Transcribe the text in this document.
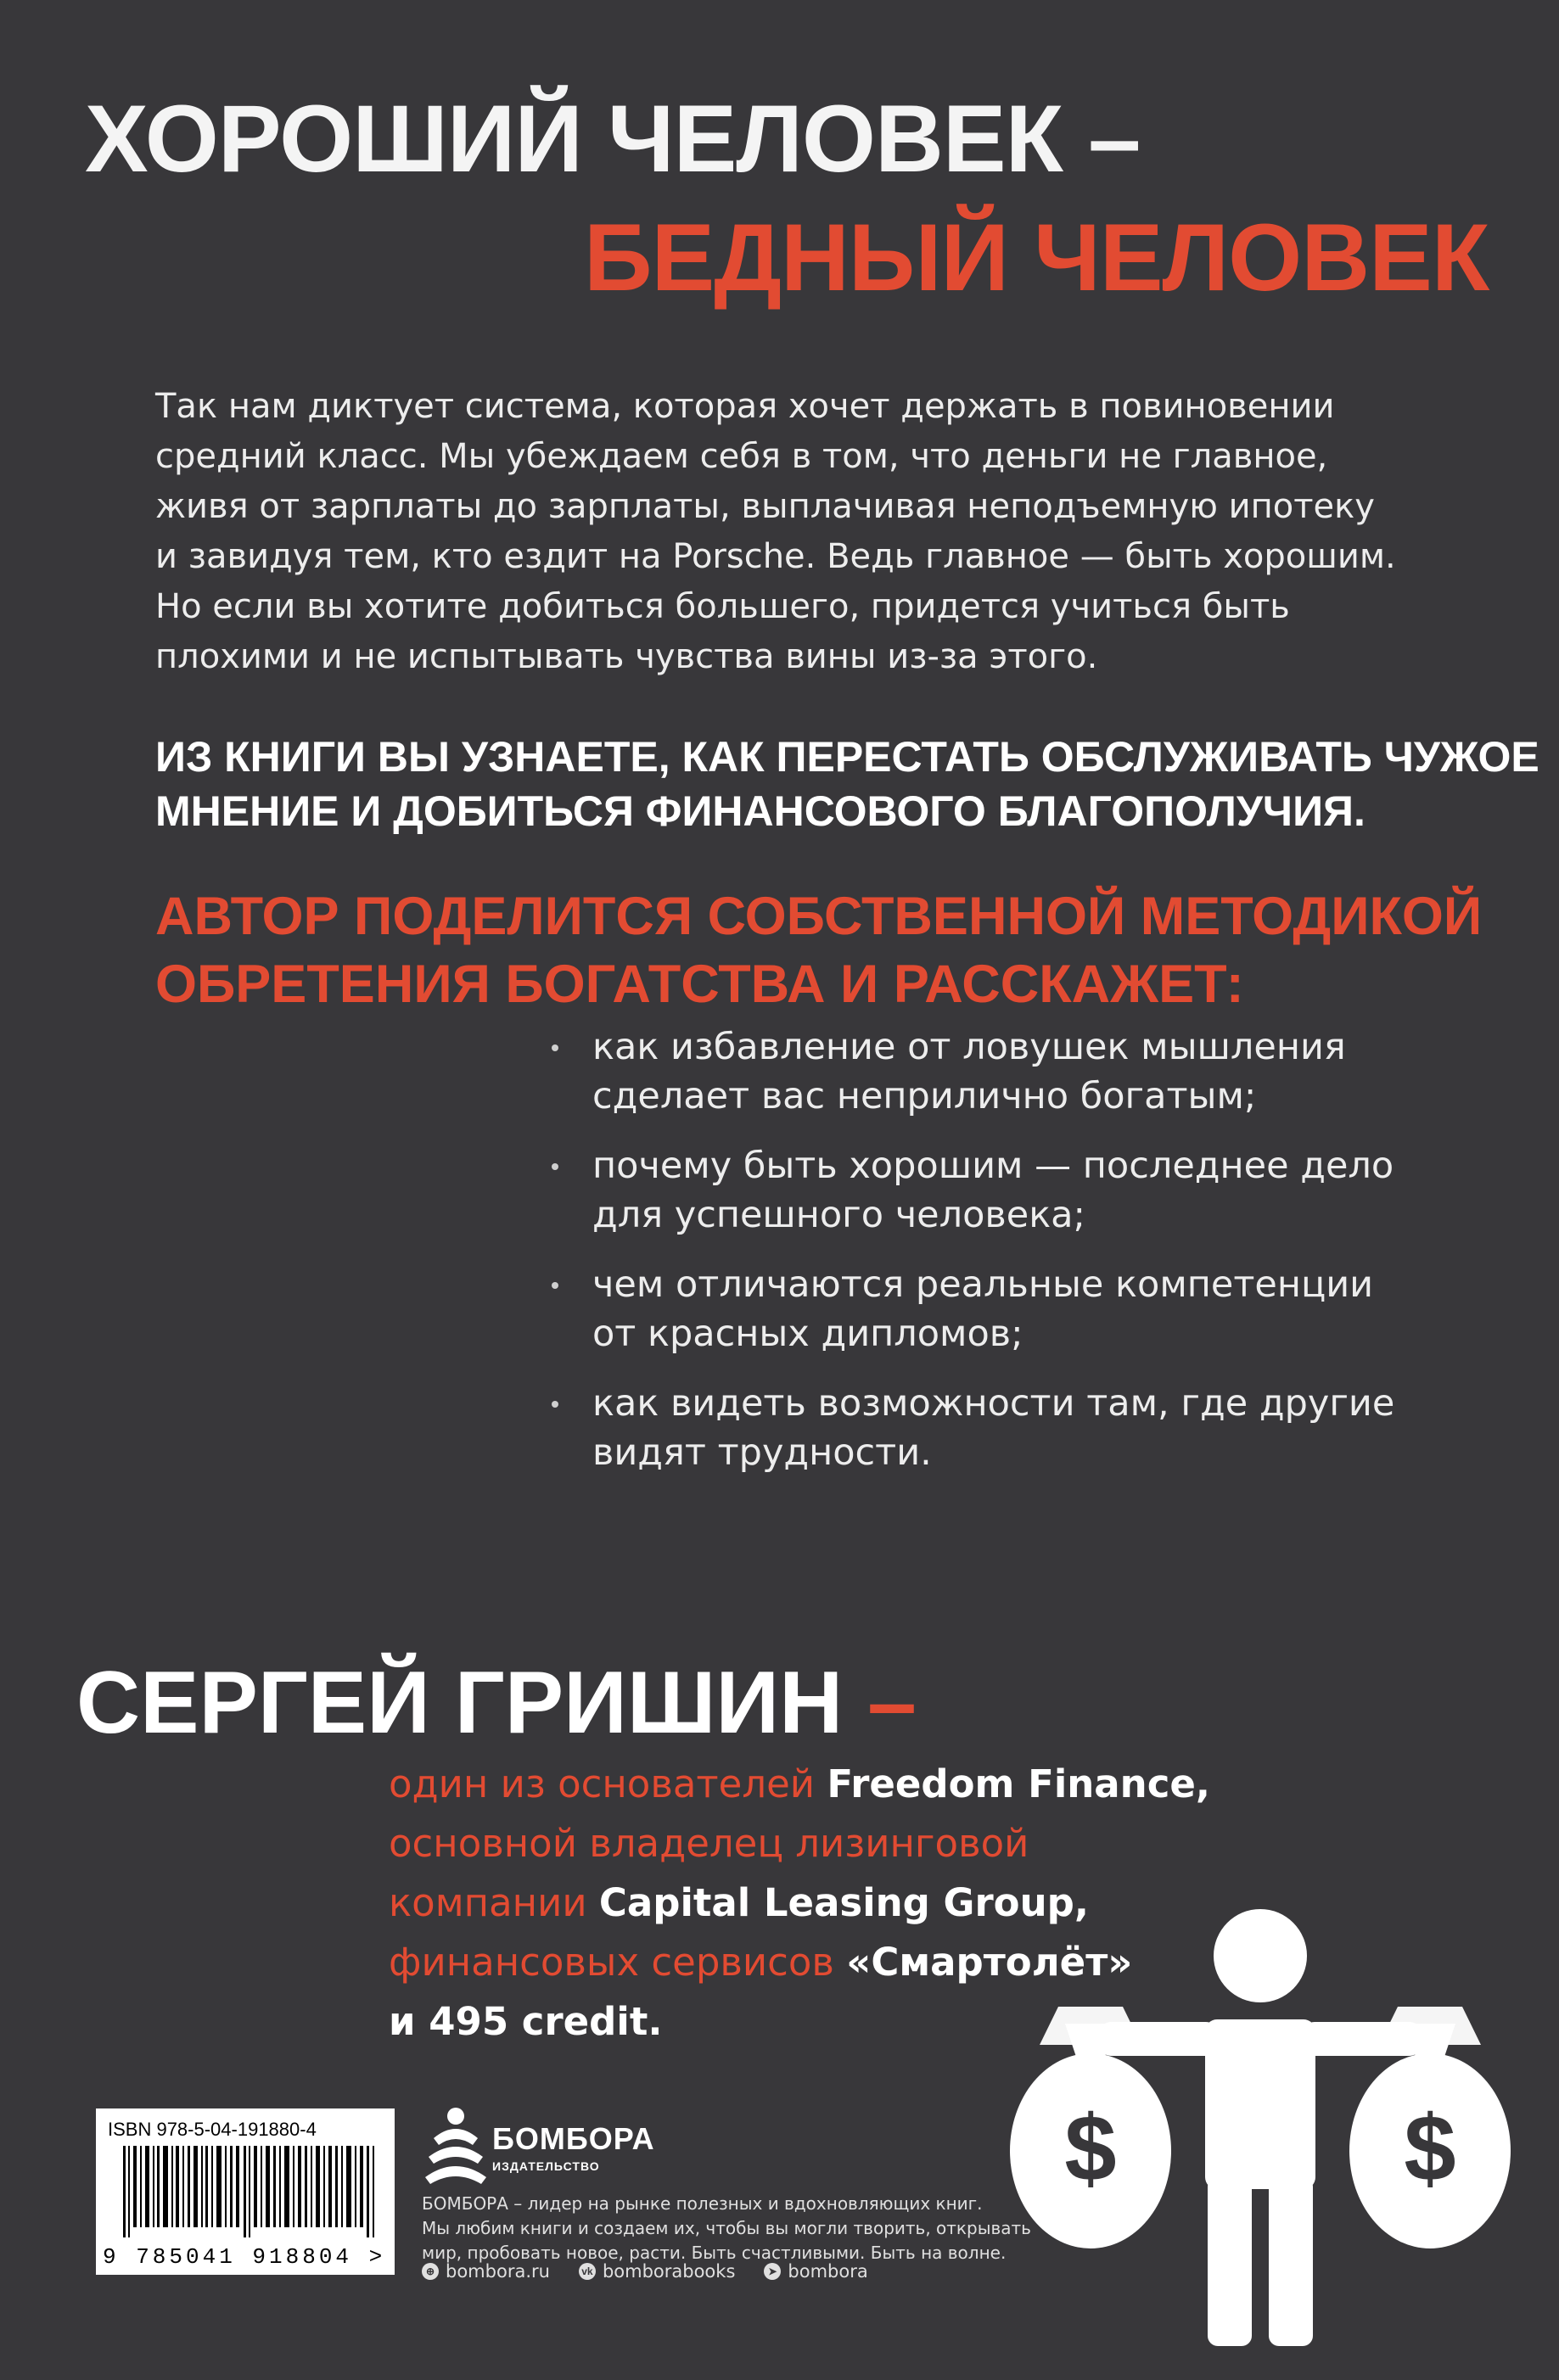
ХОРОШИЙ ЧЕЛОВЕК –
БЕДНЫЙ ЧЕЛОВЕК
Так нам диктует система, которая хочет держать в повиновении
средний класс. Мы убеждаем себя в том, что деньги не главное,
живя от зарплаты до зарплаты, выплачивая неподъемную ипотеку
и завидуя тем, кто ездит на Porsche. Ведь главное — быть хорошим.
Но если вы хотите добиться большего, придется учиться быть
плохими и не испытывать чувства вины из-за этого.
ИЗ КНИГИ ВЫ УЗНАЕТЕ, КАК ПЕРЕСТАТЬ ОБСЛУЖИВАТЬ ЧУЖОЕ
МНЕНИЕ И ДОБИТЬСЯ ФИНАНСОВОГО БЛАГОПОЛУЧИЯ.
АВТОР ПОДЕЛИТСЯ СОБСТВЕННОЙ МЕТОДИКОЙ
ОБРЕТЕНИЯ БОГАТСТВА И РАССКАЖЕТ:
как избавление от ловушек мышления
сделает вас неприлично богатым;
почему быть хорошим — последнее дело
для успешного человека;
чем отличаются реальные компетенции
от красных дипломов;
как видеть возможности там, где другие
видят трудности.
СЕРГЕЙ ГРИШИН –
один из основателей Freedom Finance,
основной владелец лизинговой
компании Capital Leasing Group,
финансовых сервисов «Смартолёт»
и 495 credit.
$	$
ISBN 978-5-04-191880-4
9 785041 918804 >
БОМБОРА
ИЗДАТЕЛЬСТВО
БОМБОРА – лидер на рынке полезных и вдохновляющих книг.
Мы любим книги и создаем их, чтобы вы могли творить, открывать
мир, пробовать новое, расти. Быть счастливыми. Быть на волне.
⊕ bombora.ru	vk bomborabooks	➤ bombora
